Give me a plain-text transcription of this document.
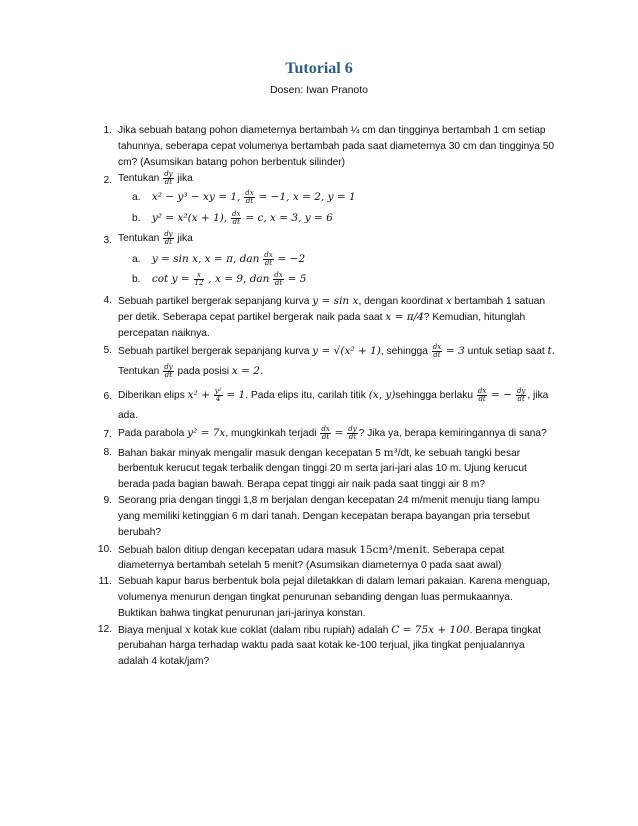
Tutorial 6
Dosen: Iwan Pranoto
1. Jika sebuah batang pohon diameternya bertambah ¼ cm dan tingginya bertambah 1 cm setiap
tahunnya, seberapa cepat volumenya bertambah pada saat diameternya 30 cm dan tingginya 50
cm? (Asumsikan batang pohon berbentuk silinder)
2. Tentukan $\frac{dy}{dt}$ jika
a. x² − y³ − xy = 1, $\frac{dx}{dt} = -1$, x = 2, y = 1
b. y² = x²(x + 1), $\frac{dx}{dt} = c$, x = 3, y = 6
3. Tentukan $\frac{dy}{dt}$ jika
a. y = sin x, x = π, dan $\frac{dx}{dt} = -2$
b. $\cot y = \frac{x}{12}$ , x = 9, dan $\frac{dx}{dt} = 5$
4. Sebuah partikel bergerak sepanjang kurva y = sin x, dengan koordinat x bertambah 1 satuan
per detik. Seberapa cepat partikel bergerak naik pada saat x = π/4? Kemudian, hitunglah
percepatan naiknya.
5. Sebuah partikel bergerak sepanjang kurva y = √(x² + 1), sehingga $\frac{dx}{dt} = 3$ untuk setiap saat t.
Tentukan $\frac{dy}{dt}$ pada posisi x = 2.
6. Diberikan elips $x^2 + \frac{\text{y²}}{4} = 1$. Pada elips itu, carilah titik (x, y)sehingga berlaku $\frac{dx}{dt}$ = − $\frac{dy}{dt}$ , jika
ada.
7. Pada parabola y² = 7x, mungkinkah terjadi $\frac{dx}{dt} = \frac{dy}{dt}$ ? Jika ya, berapa kemiringannya di sana?
8. Bahan bakar minyak mengalir masuk dengan kecepatan 5 m³/dt, ke sebuah tangki besar
berbentuk kerucut tegak terbalik dengan tinggi 20 m serta jari-jari alas 10 m. Ujung kerucut
berada pada bagian bawah. Berapa cepat tinggi air naik pada saat tinggi air 8 m?
9. Seorang pria dengan tinggi 1,8 m berjalan dengan kecepatan 24 m/menit menuju tiang lampu
yang memiliki ketinggian 6 m dari tanah. Dengan kecepatan berapa bayangan pria tersebut
berubah?
10. Sebuah balon ditiup dengan kecepatan udara masuk 15cm³/menit. Seberapa cepat
diameternya bertambah setelah 5 menit? (Asumsikan diameternya 0 pada saat awal)
11. Sebuah kapur barus berbentuk bola pejal diletakkan di dalam lemari pakaian. Karena menguap,
volumenya menurun dengan tingkat penurunan sebanding dengan luas permukaannya.
Buktikan bahwa tingkat penurunan jari-jarinya konstan.
12. Biaya menjual x kotak kue coklat (dalam ribu rupiah) adalah C = 75x + 100. Berapa tingkat
perubahan harga terhadap waktu pada saat kotak ke-100 terjual, jika tingkat penjualannya
adalah 4 kotak/jam?
